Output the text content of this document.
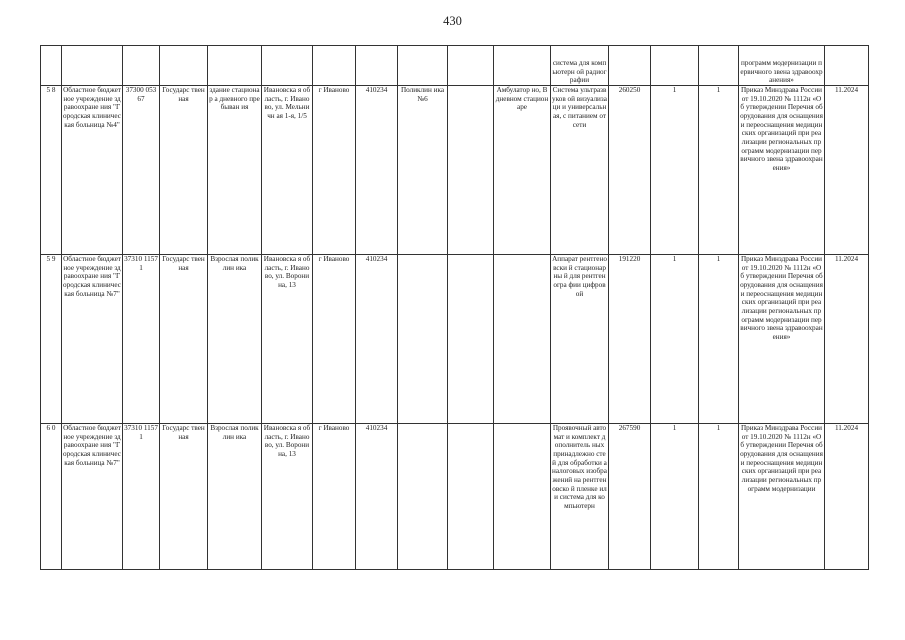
430

											система для компьютерн ой радиографии				программ модернизации первичного звена здравоохранения»	

5 8	Областное бюджетное учреждение здравоохране ния "Городская клиническая больница №4"	37300 05367	Государс твенная	здание стационар а дневного пребыван ия	Ивановска я область, г. Иваново, ул. Мельничн ая 1-я, 1/5	г Иваново	410234	Поликлин ика №6		Амбулатор но, В дневном стационаре	Система ультразвуков ой визуализаци и универсальн ая, с питанием от сети	260250	1	1	Приказ Минздрава России от 19.10.2020 № 1112н «Об утверждении Перечня оборудования для оснащения и переоснащения медицинских организаций при реализации региональных программ модернизации первичного звена здравоохранения»	11.2024
5 9	Областное бюджетное учреждение здравоохране ния "Городская клиническая больница №7"	37310 11571	Государс твенная	Взрослая поликлин ика	Ивановска я область, г. Иваново, ул. Воронина, 13	г Иваново	410234				Аппарат рентгеновски й стационарны й для рентгеногра фии цифровой	191220	1	1	Приказ Минздрава России от 19.10.2020 № 1112н «Об утверждении Перечня оборудования для оснащения и переоснащения медицинских организаций при реализации региональных программ модернизации первичного звена здравоохранения»	11.2024
6 0	Областное бюджетное учреждение здравоохране ния "Городская клиническая больница №7"	37310 11571	Государс твенная	Взрослая поликлин ика	Ивановска я область, г. Иваново, ул. Воронина, 13	г Иваново	410234				Проявочный автомат и комплект дополнитель ных принадлежно стей для обработки аналоговых изображений на рентгеновско й пленке или система для компьютерн	267590	1	1	Приказ Минздрава России от 19.10.2020 № 1112н «Об утверждении Перечня оборудования для оснащения и переоснащения медицинских организаций при реализации региональных программ модернизации	11.2024
